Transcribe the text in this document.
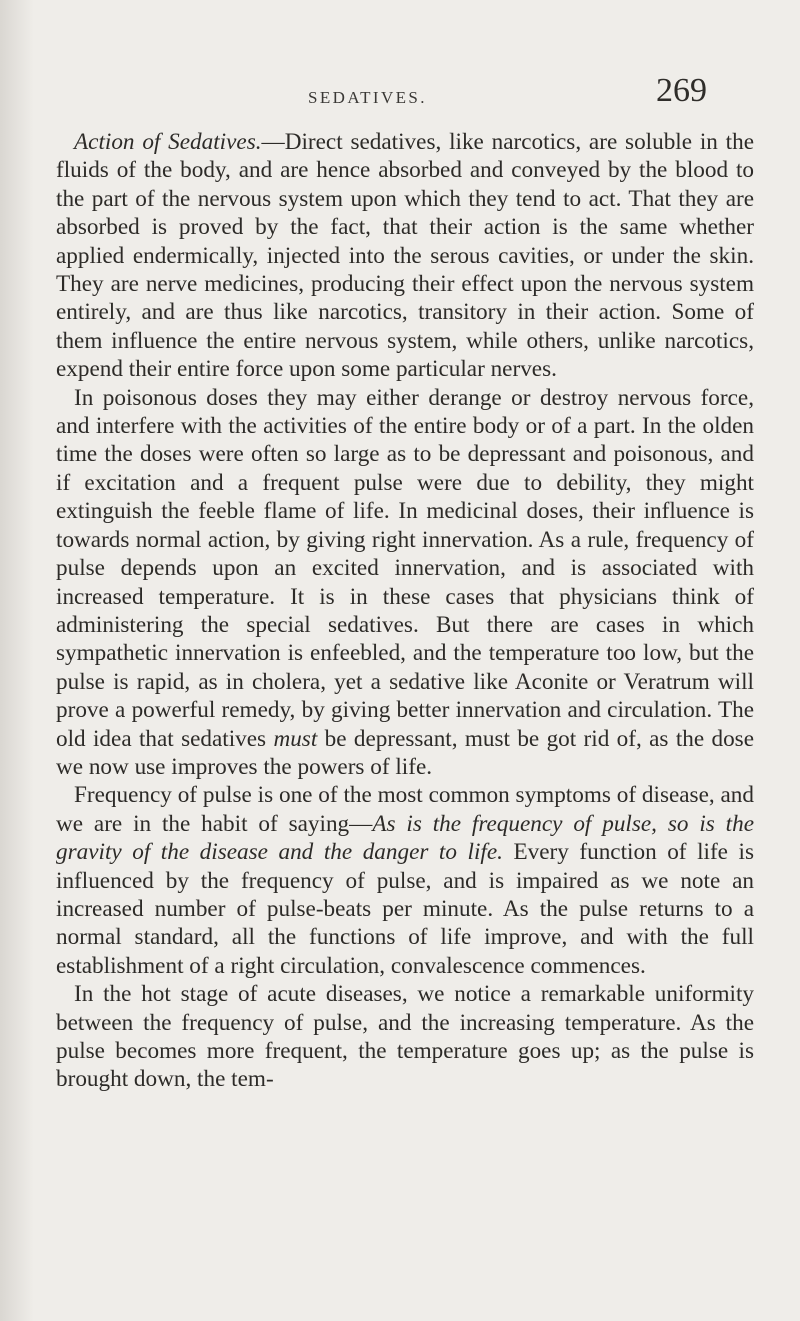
SEDATIVES.	269

Action of Sedatives.—Direct sedatives, like narcotics, are soluble in the fluids of the body, and are hence absorbed and conveyed by the blood to the part of the nervous system upon which they tend to act. That they are absorbed is proved by the fact, that their action is the same whether applied endermically, injected into the serous cavities, or under the skin. They are nerve medicines, producing their effect upon the nervous system entirely, and are thus like narcotics, transitory in their action. Some of them influence the entire nervous system, while others, unlike narcotics, expend their entire force upon some particular nerves.

In poisonous doses they may either derange or destroy nervous force, and interfere with the activities of the entire body or of a part. In the olden time the doses were often so large as to be depressant and poisonous, and if excitation and a frequent pulse were due to debility, they might extinguish the feeble flame of life. In medicinal doses, their influence is towards normal action, by giving right innervation. As a rule, frequency of pulse depends upon an excited innervation, and is associated with increased temperature. It is in these cases that physicians think of administering the special sedatives. But there are cases in which sympathetic innervation is enfeebled, and the temperature too low, but the pulse is rapid, as in cholera, yet a sedative like Aconite or Veratrum will prove a powerful remedy, by giving better innervation and circulation. The old idea that sedatives must be depressant, must be got rid of, as the dose we now use improves the powers of life.

Frequency of pulse is one of the most common symptoms of disease, and we are in the habit of saying—As is the frequency of pulse, so is the gravity of the disease and the danger to life. Every function of life is influenced by the frequency of pulse, and is impaired as we note an increased number of pulse-beats per minute. As the pulse returns to a normal standard, all the functions of life improve, and with the full establishment of a right circulation, convalescence commences.

In the hot stage of acute diseases, we notice a remarkable uniformity between the frequency of pulse, and the increasing temperature. As the pulse becomes more frequent, the temperature goes up; as the pulse is brought down, the tem-
